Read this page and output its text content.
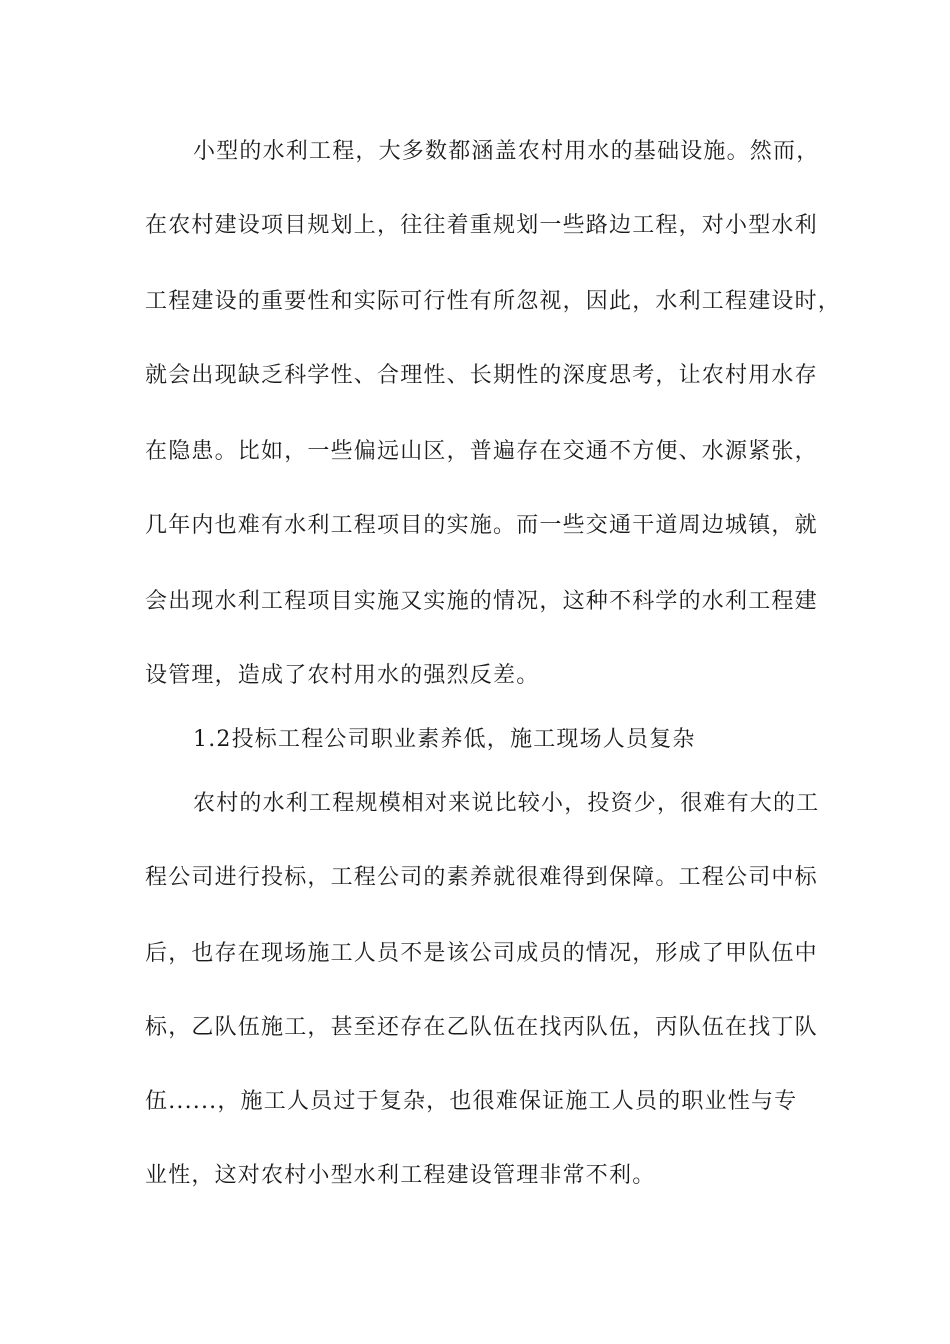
小型的水利工程，大多数都涵盖农村用水的基础设施。然而，
在农村建设项目规划上，往往着重规划一些路边工程，对小型水利
工程建设的重要性和实际可行性有所忽视，因此，水利工程建设时，
就会出现缺乏科学性、合理性、长期性的深度思考，让农村用水存
在隐患。比如，一些偏远山区，普遍存在交通不方便、水源紧张，
几年内也难有水利工程项目的实施。而一些交通干道周边城镇，就
会出现水利工程项目实施又实施的情况，这种不科学的水利工程建
设管理，造成了农村用水的强烈反差。
1.2投标工程公司职业素养低，施工现场人员复杂
农村的水利工程规模相对来说比较小，投资少，很难有大的工
程公司进行投标，工程公司的素养就很难得到保障。工程公司中标
后，也存在现场施工人员不是该公司成员的情况，形成了甲队伍中
标，乙队伍施工，甚至还存在乙队伍在找丙队伍，丙队伍在找丁队
伍......，施工人员过于复杂，也很难保证施工人员的职业性与专
业性，这对农村小型水利工程建设管理非常不利。
